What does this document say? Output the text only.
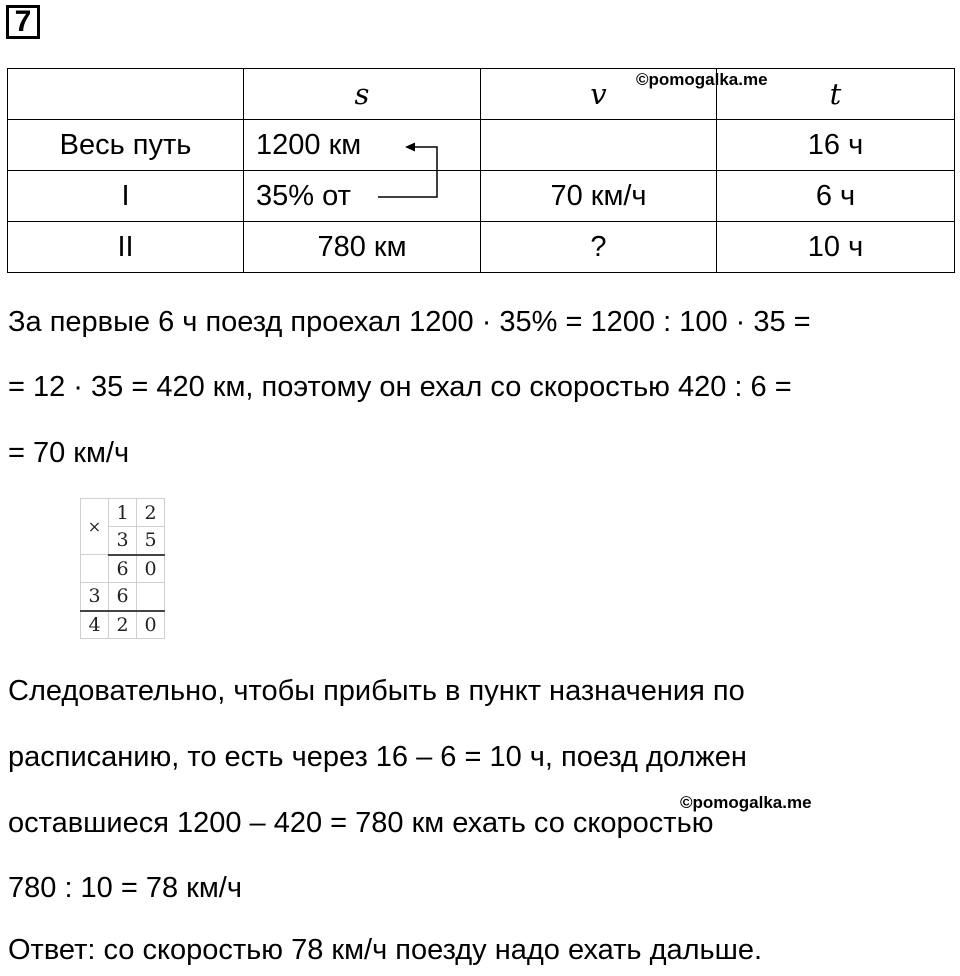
7
©pomogalka.me
	s	v	t
Весь путь	1200 км		16 ч
I	35% от	70 км/ч	6 ч
II	780 км	?	10 ч
За первые 6 ч поезд проехал 1200 · 35% = 1200 : 100 · 35 =
= 12 · 35 = 420 км, поэтому он ехал со скоростью 420 : 6 =
= 70 км/ч
×	1	2
	3	5
	6	0
3	6	
4	2	0
Следовательно, чтобы прибыть в пункт назначения по
расписанию, то есть через 16 – 6 = 10 ч, поезд должен
©pomogalka.me
оставшиеся 1200 – 420 = 780 км ехать со скоростью
780 : 10 = 78 км/ч
Ответ: со скоростью 78 км/ч поезду надо ехать дальше.
